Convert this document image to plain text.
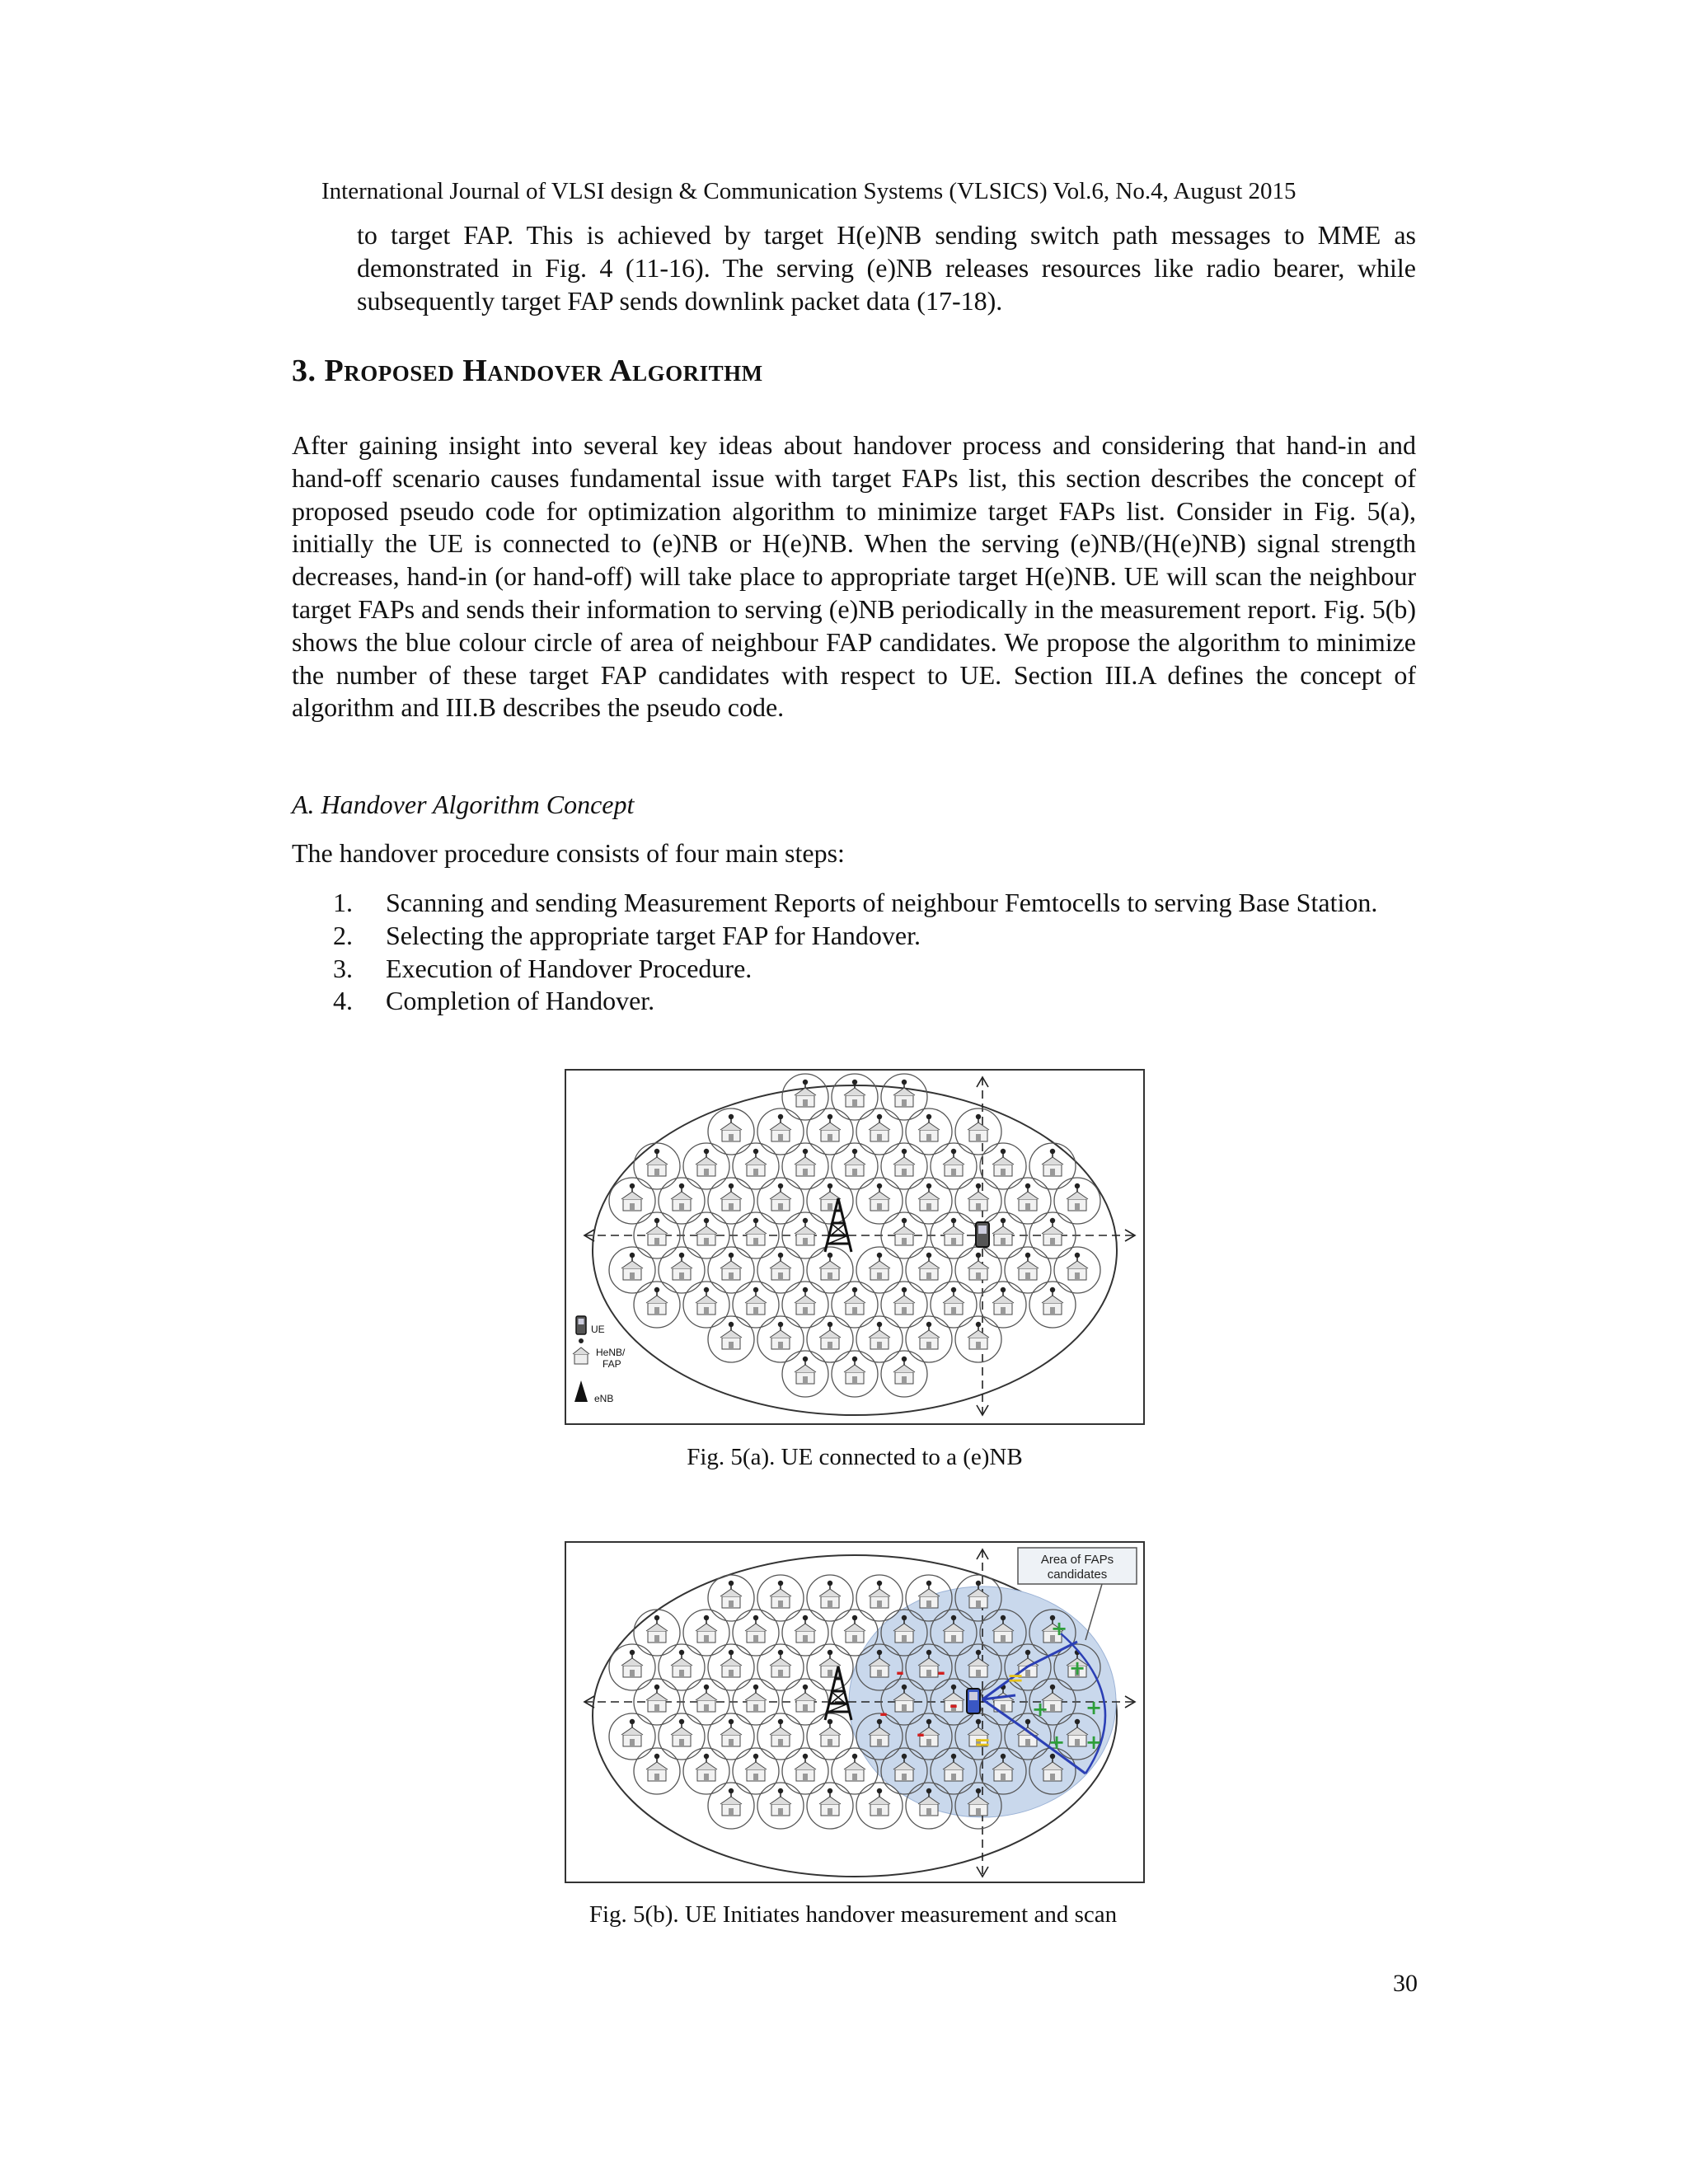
International Journal of VLSI design & Communication Systems (VLSICS) Vol.6, No.4, August 2015
to target FAP. This is achieved by target H(e)NB sending switch path messages to MME as demonstrated in Fig. 4 (11-16). The serving (e)NB releases resources like radio bearer, while subsequently target FAP sends downlink packet data (17-18).
3. Proposed Handover Algorithm
After gaining insight into several key ideas about handover process and considering that hand-in and hand-off scenario causes fundamental issue with target FAPs list, this section describes the concept of proposed pseudo code for optimization algorithm to minimize target FAPs list. Consider in Fig. 5(a), initially the UE is connected to (e)NB or H(e)NB. When the serving (e)NB/(H(e)NB) signal strength decreases, hand-in (or hand-off) will take place to appropriate target H(e)NB. UE will scan the neighbour target FAPs and sends their information to serving (e)NB periodically in the measurement report. Fig. 5(b) shows the blue colour circle of area of neighbour FAP candidates. We propose the algorithm to minimize the number of these target FAP candidates with respect to UE. Section III.A defines the concept of algorithm and III.B describes the pseudo code.
A. Handover Algorithm Concept
The handover procedure consists of four main steps:
1.	Scanning and sending Measurement Reports of neighbour Femtocells to serving Base Station.
2.	Selecting the appropriate target FAP for Handover.
3.	Execution of Handover Procedure.
4.	Completion of Handover.
UE
HeNB/
FAP
eNB
Fig. 5(a). UE connected to a (e)NB
+
+
+
+ +
+
=
=
- -
-
-
-
Area of FAPs
candidates
Fig. 5(b). UE Initiates handover measurement and scan
30
